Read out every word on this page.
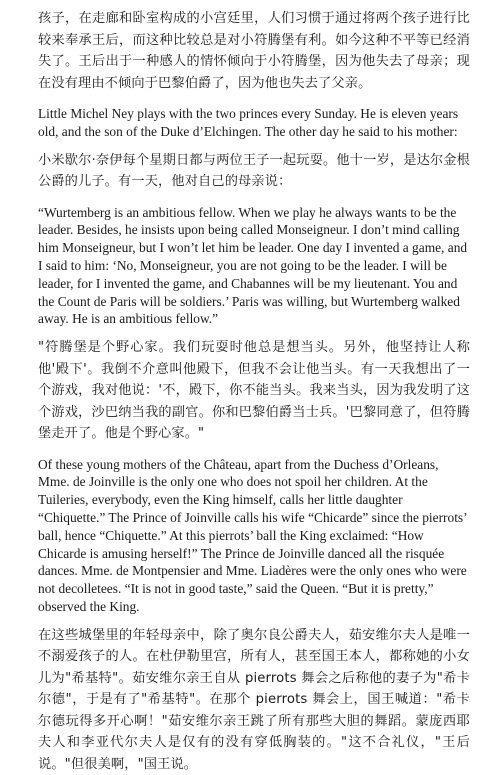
孩子，在走廊和卧室构成的小宫廷里，人们习惯于通过将两个孩子进行比较来奉承王后，而这种比较总是对小符腾堡有利。如今这种不平等已经消失了。王后出于一种感人的情怀倾向于小符腾堡，因为他失去了母亲；现在没有理由不倾向于巴黎伯爵了，因为他也失去了父亲。

Little Michel Ney plays with the two princes every Sunday. He is eleven years old, and the son of the Duke d’Elchingen. The other day he said to his mother:

小米歇尔·奈伊每个星期日都与两位王子一起玩耍。他十一岁，是达尔金根公爵的儿子。有一天，他对自己的母亲说：

“Wurtemberg is an ambitious fellow. When we play he always wants to be the leader. Besides, he insists upon being called Monseigneur. I don’t mind calling him Monseigneur, but I won’t let him be leader. One day I invented a game, and I said to him: ‘No, Monseigneur, you are not going to be the leader. I will be leader, for I invented the game, and Chabannes will be my lieutenant. You and the Count de Paris will be soldiers.’ Paris was willing, but Wurtemberg walked away. He is an ambitious fellow.”

"符腾堡是个野心家。我们玩耍时他总是想当头。另外，他坚持让人称他'殿下'。我倒不介意叫他殿下，但我不会让他当头。有一天我想出了一个游戏，我对他说：'不，殿下，你不能当头。我来当头，因为我发明了这个游戏，沙巴纳当我的副官。你和巴黎伯爵当士兵。'巴黎同意了，但符腾堡走开了。他是个野心家。"

Of these young mothers of the Château, apart from the Duchess d’Orleans, Mme. de Joinville is the only one who does not spoil her children. At the Tuileries, everybody, even the King himself, calls her little daughter “Chiquette.” The Prince of Joinville calls his wife “Chicarde” since the pierrots’ ball, hence “Chiquette.” At this pierrots’ ball the King exclaimed: “How Chicarde is amusing herself!” The Prince de Joinville danced all the risquée dances. Mme. de Montpensier and Mme. Liadères were the only ones who were not decolletees. “It is not in good taste,” said the Queen. “But it is pretty,” observed the King.

在这些城堡里的年轻母亲中，除了奥尔良公爵夫人，茹安维尔夫人是唯一不溺爱孩子的人。在杜伊勒里宫，所有人，甚至国王本人，都称她的小女儿为"希基特"。茹安维尔亲王自从 pierrots 舞会之后称他的妻子为"希卡尔德"，于是有了"希基特"。在那个 pierrots 舞会上，国王喊道："希卡尔德玩得多开心啊！"茹安维尔亲王跳了所有那些大胆的舞蹈。蒙庞西耶夫人和李亚代尔夫人是仅有的没有穿低胸装的。"这不合礼仪，"王后说。"但很美啊，"国王说。
